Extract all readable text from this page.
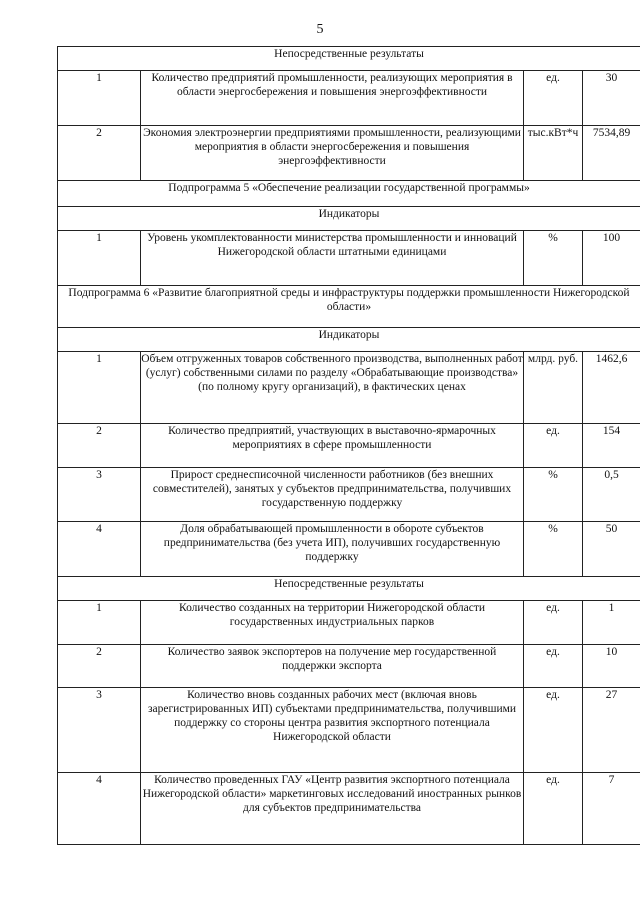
5
Непосредственные результаты			
1	Количество предприятий промышленности, реализующих мероприятия в области энергосбережения и повышения энергоэффективности	ед.	30
2	Экономия электроэнергии предприятиями промышленности, реализующими мероприятия в области энергосбережения и повышения энергоэффективности	тыс.кВт*ч	7534,89
Подпрограмма 5 «Обеспечение реализации государственной программы»			
Индикаторы			
1	Уровень укомплектованности министерства промышленности и инноваций Нижегородской области штатными единицами	%	100
Подпрограмма 6 «Развитие благоприятной среды и инфраструктуры поддержки промышленности Нижегородской области»			
Индикаторы			
1	Объем отгруженных товаров собственного производства, выполненных работ (услуг) собственными силами по разделу «Обрабатывающие производства» (по полному кругу организаций), в фактических ценах	млрд. руб.	1462,6
2	Количество предприятий, участвующих в выставочно-ярмарочных мероприятиях в сфере промышленности	ед.	154
3	Прирост среднесписочной численности работников (без внешних совместителей), занятых у субъектов предпринимательства, получивших государственную поддержку	%	0,5
4	Доля обрабатывающей промышленности в обороте субъектов предпринимательства (без учета ИП), получивших государственную поддержку	%	50
Непосредственные результаты			
1	Количество созданных на территории Нижегородской области государственных индустриальных парков	ед.	1
2	Количество заявок экспортеров на получение мер государственной поддержки экспорта	ед.	10
3	Количество вновь созданных рабочих мест (включая вновь зарегистрированных ИП) субъектами предпринимательства, получившими поддержку со стороны центра развития экспортного потенциала Нижегородской области	ед.	27
4	Количество проведенных ГАУ «Центр развития экспортного потенциала Нижегородской области» маркетинговых исследований иностранных рынков для субъектов предпринимательства	ед.	7
